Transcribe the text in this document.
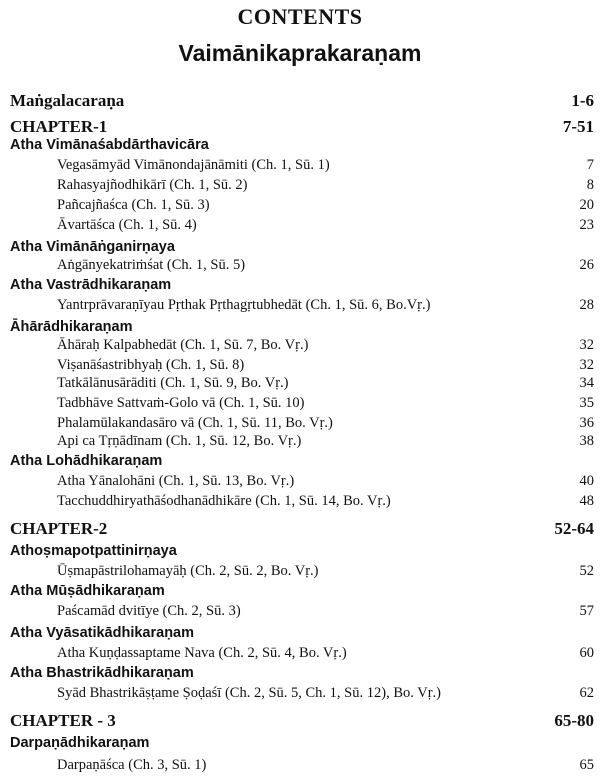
CONTENTS
Vaimānikaprakaraṇam
Maṅgalacaraṇa	1-6
CHAPTER-1	7-51
Atha Vimānaśabdārthavicāra
Vegasāmyād Vimānondajānāmiti (Ch. 1, Sū. 1)	7
Rahasyajñodhikārī (Ch. 1, Sū. 2)	8
Pañcajñaśca (Ch. 1, Sū. 3)	20
Āvartāśca (Ch. 1, Sū. 4)	23
Atha Vimānāṅganirṇaya
Aṅgānyekatriṁśat (Ch. 1, Sū. 5)	26
Atha Vastrādhikaraṇam
Yantrprāvaraṇīyau Pṛthak Pṛthagṛtubhedāt (Ch. 1, Sū. 6, Bo.Vṛ.)	28
Āhārādhikaraṇam
Āhāraḥ Kalpabhedāt (Ch. 1, Sū. 7, Bo. Vṛ.)	32
Viṣanāśastribhyaḥ (Ch. 1, Sū. 8)	32
Tatkālānusārāditi (Ch. 1, Sū. 9, Bo. Vṛ.)	34
Tadbhāve Sattvaṁ-Golo vā (Ch. 1, Sū. 10)	35
Phalamūlakandasāro vā (Ch. 1, Sū. 11, Bo. Vṛ.)	36
Api ca Tṛṇādīnam (Ch. 1, Sū. 12, Bo. Vṛ.)	38
Atha Lohādhikaraṇam
Atha Yānalohāni (Ch. 1, Sū. 13, Bo. Vṛ.)	40
Tacchuddhiryathāśodhanādhikāre (Ch. 1, Sū. 14, Bo. Vṛ.)	48
CHAPTER-2	52-64
Athoṣmapotpattinirṇaya
Ūṣmapāstrilohamayāḥ (Ch. 2, Sū. 2, Bo. Vṛ.)	52
Atha Mūṣādhikaraṇam
Paścamād dvitīye (Ch. 2, Sū. 3)	57
Atha Vyāsatikādhikaraṇam
Atha Kuṇḍassaptame Nava (Ch. 2, Sū. 4, Bo. Vṛ.)	60
Atha Bhastrikādhikaraṇam
Syād Bhastrikāṣṭame Ṣoḍaśī (Ch. 2, Sū. 5, Ch. 1, Sū. 12), Bo. Vṛ.)	62
CHAPTER - 3	65-80
Darpaṇādhikaraṇam
Darpaṇāśca (Ch. 3, Sū. 1)	65
